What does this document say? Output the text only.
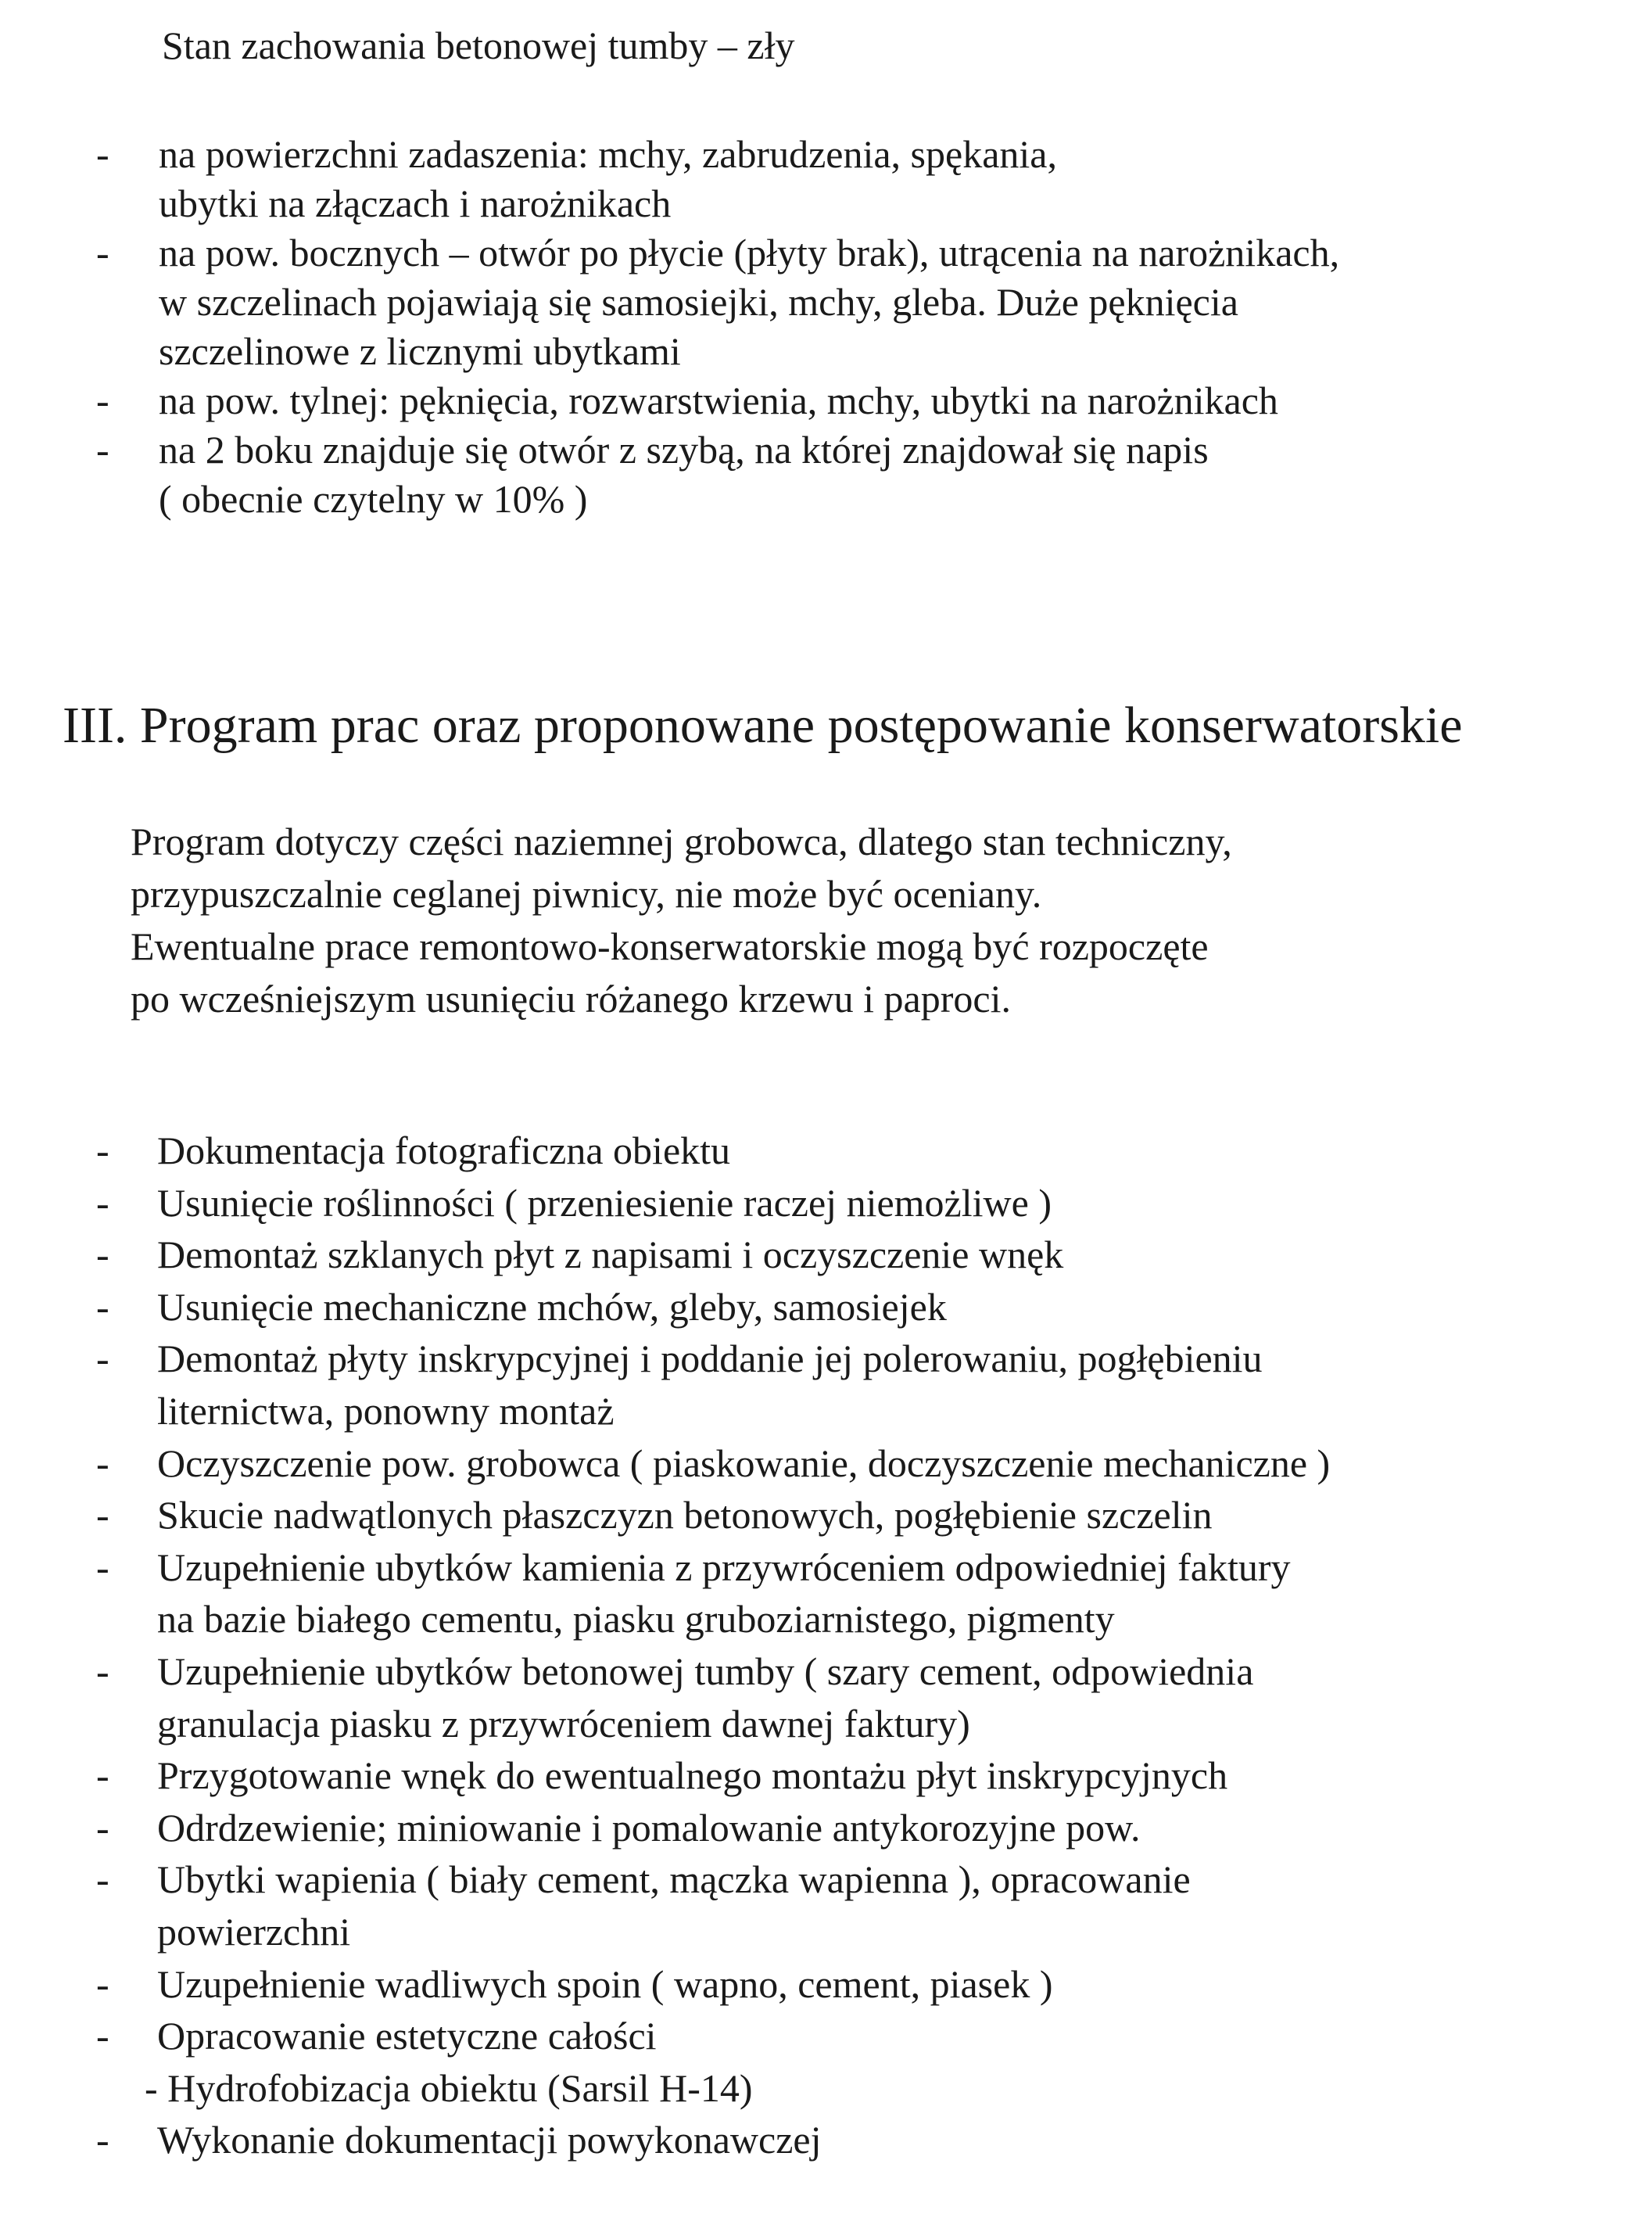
Stan zachowania betonowej tumby – zły
- na powierzchni zadaszenia: mchy, zabrudzenia, spękania,
ubytki na złączach i narożnikach
- na pow. bocznych – otwór po płycie (płyty brak), utrącenia na narożnikach,
w szczelinach pojawiają się samosiejki, mchy, gleba. Duże pęknięcia
szczelinowe z licznymi ubytkami
- na pow. tylnej: pęknięcia, rozwarstwienia, mchy, ubytki na narożnikach
- na 2 boku znajduje się otwór z szybą, na której znajdował się napis
( obecnie czytelny w 10% )
III. Program prac oraz proponowane postępowanie konserwatorskie
Program dotyczy części naziemnej grobowca, dlatego stan techniczny,
przypuszczalnie ceglanej piwnicy, nie może być oceniany.
Ewentualne prace remontowo-konserwatorskie mogą być rozpoczęte
po wcześniejszym usunięciu różanego krzewu i paproci.
- Dokumentacja fotograficzna obiektu
- Usunięcie roślinności ( przeniesienie raczej niemożliwe )
- Demontaż szklanych płyt z napisami i oczyszczenie wnęk
- Usunięcie mechaniczne mchów, gleby, samosiejek
- Demontaż płyty inskrypcyjnej i poddanie jej polerowaniu, pogłębieniu
liternictwa, ponowny montaż
- Oczyszczenie pow. grobowca ( piaskowanie, doczyszczenie mechaniczne )
- Skucie nadwątlonych płaszczyzn betonowych, pogłębienie szczelin
- Uzupełnienie ubytków kamienia z przywróceniem odpowiedniej faktury
na bazie białego cementu, piasku gruboziarnistego, pigmenty
- Uzupełnienie ubytków betonowej tumby ( szary cement, odpowiednia
granulacja piasku z przywróceniem dawnej faktury)
- Przygotowanie wnęk do ewentualnego montażu płyt inskrypcyjnych
- Odrdzewienie; miniowanie i pomalowanie antykorozyjne pow.
- Ubytki wapienia ( biały cement, mączka wapienna ), opracowanie
powierzchni
- Uzupełnienie wadliwych spoin ( wapno, cement, piasek )
- Opracowanie estetyczne całości
- Hydrofobizacja obiektu (Sarsil H-14)
- Wykonanie dokumentacji powykonawczej
